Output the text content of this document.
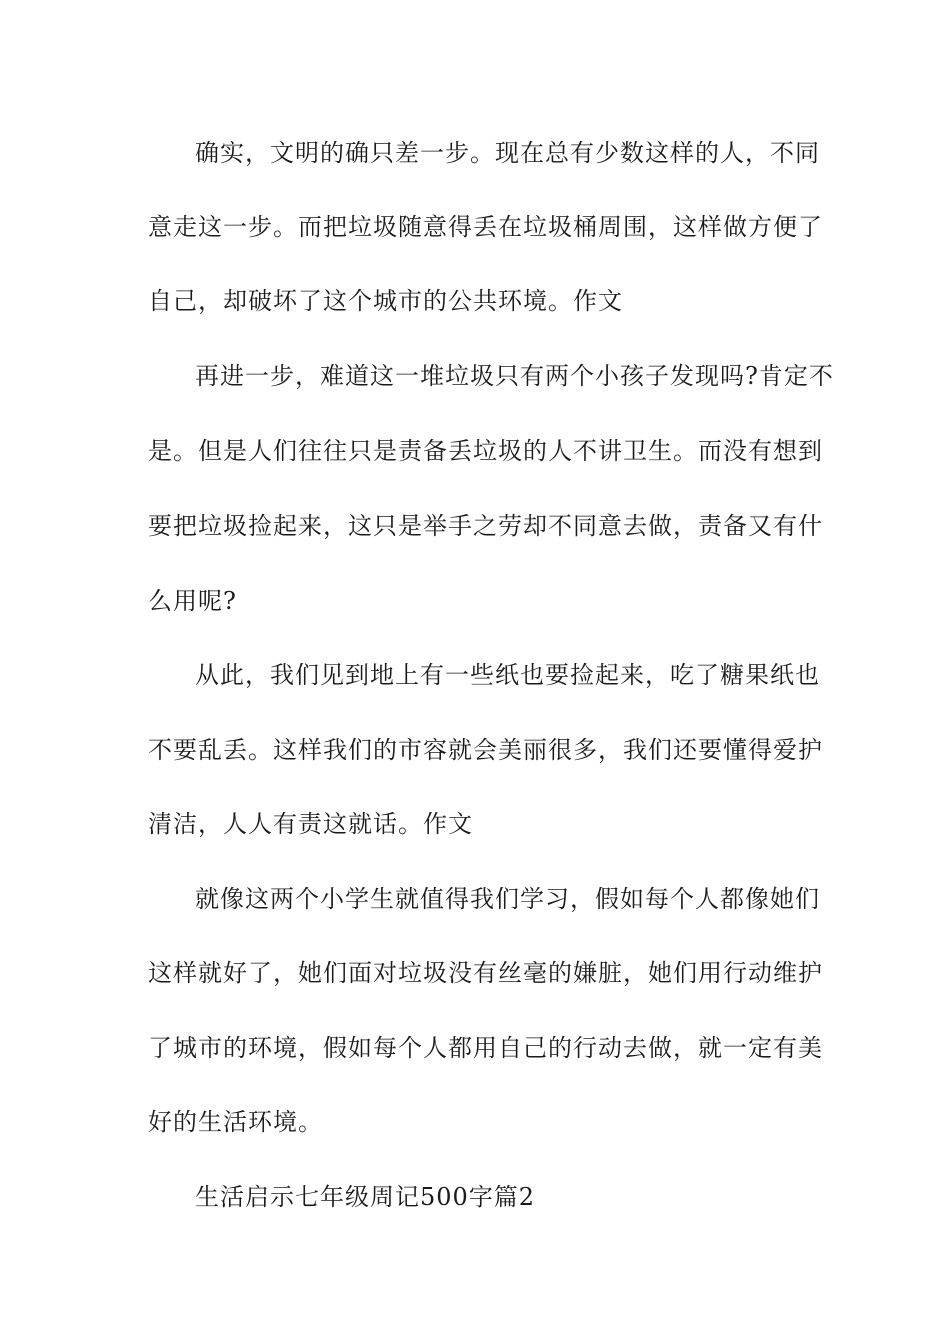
确实，文明的确只差一步。现在总有少数这样的人，不同
意走这一步。而把垃圾随意得丢在垃圾桶周围，这样做方便了
自己，却破坏了这个城市的公共环境。作文
再进一步，难道这一堆垃圾只有两个小孩子发现吗?肯定不
是。但是人们往往只是责备丢垃圾的人不讲卫生。而没有想到
要把垃圾捡起来，这只是举手之劳却不同意去做，责备又有什
么用呢?
从此，我们见到地上有一些纸也要捡起来，吃了糖果纸也
不要乱丢。这样我们的市容就会美丽很多，我们还要懂得爱护
清洁，人人有责这就话。作文
就像这两个小学生就值得我们学习，假如每个人都像她们
这样就好了，她们面对垃圾没有丝毫的嫌脏，她们用行动维护
了城市的环境，假如每个人都用自己的行动去做，就一定有美
好的生活环境。
生活启示七年级周记500字篇2
